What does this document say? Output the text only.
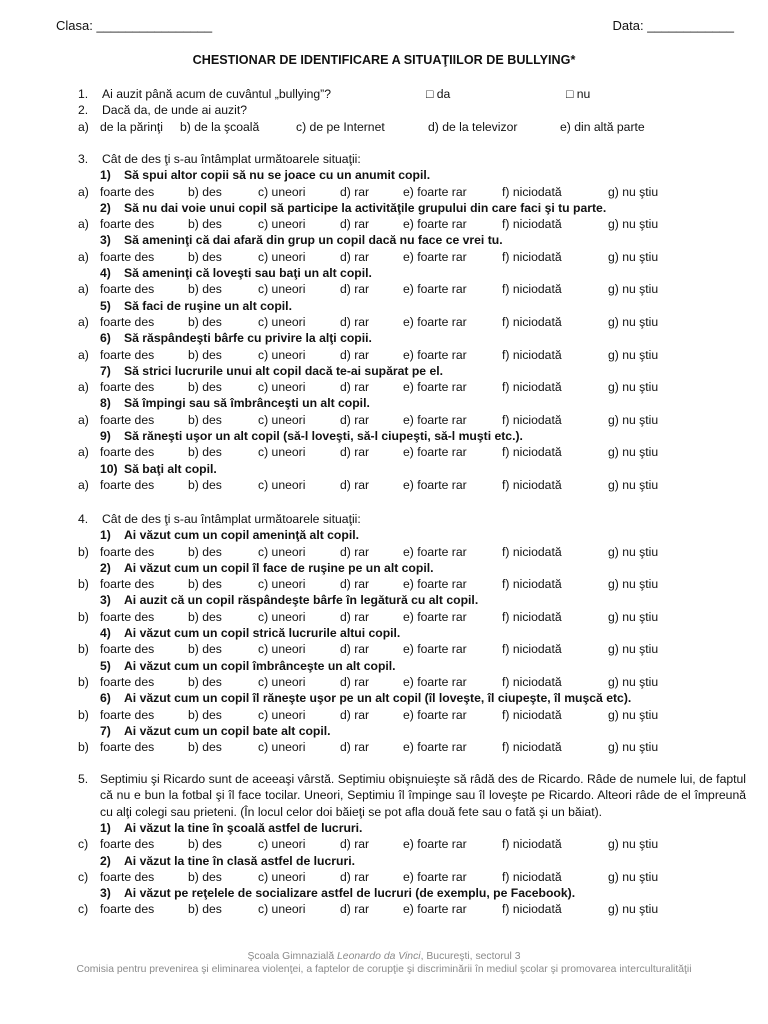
Clasa: ________________	Data: ____________
CHESTIONAR DE IDENTIFICARE A SITUAŢIILOR DE BULLYING*
1. Ai auzit până acum de cuvântul „bullying”?	□ da	□ nu
2. Dacă da, de unde ai auzit?
a) de la părinţi b) de la şcoală	c) de pe Internet	d) de la televizor	e) din altă parte
3. Cât de des ţi s-au întâmplat următoarele situaţii:
1) Să spui altor copii să nu se joace cu un anumit copil.
a) foarte des	b) des	c) uneori	d) rar	e) foarte rar	f) niciodată	g) nu ştiu
2) Să nu dai voie unui copil să participe la activităţile grupului din care faci şi tu parte.
a) foarte des	b) des	c) uneori	d) rar	e) foarte rar	f) niciodată	g) nu ştiu
3) Să ameninţi că dai afară din grup un copil dacă nu face ce vrei tu.
a) foarte des	b) des	c) uneori	d) rar	e) foarte rar	f) niciodată	g) nu ştiu
4) Să ameninţi că loveşti sau baţi un alt copil.
a) foarte des	b) des	c) uneori	d) rar	e) foarte rar	f) niciodată	g) nu ştiu
5) Să faci de ruşine un alt copil.
a) foarte des	b) des	c) uneori	d) rar	e) foarte rar	f) niciodată	g) nu ştiu
6) Să răspândeşti bârfe cu privire la alţi copii.
a) foarte des	b) des	c) uneori	d) rar	e) foarte rar	f) niciodată	g) nu ştiu
7) Să strici lucrurile unui alt copil dacă te-ai supărat pe el.
a) foarte des	b) des	c) uneori	d) rar	e) foarte rar	f) niciodată	g) nu ştiu
8) Să împingi sau să îmbrânceşti un alt copil.
a) foarte des	b) des	c) uneori	d) rar	e) foarte rar	f) niciodată	g) nu ştiu
9) Să răneşti uşor un alt copil (să-l loveşti, să-l ciupeşti, să-l muşti etc.).
a) foarte des	b) des	c) uneori	d) rar	e) foarte rar	f) niciodată	g) nu ştiu
10) Să baţi alt copil.
a) foarte des	b) des	c) uneori	d) rar	e) foarte rar	f) niciodată	g) nu ştiu
4. Cât de des ţi s-au întâmplat următoarele situaţii:
1) Ai văzut cum un copil ameninţă alt copil.
b) foarte des	b) des	c) uneori	d) rar	e) foarte rar	f) niciodată	g) nu ştiu
2) Ai văzut cum un copil îl face de ruşine pe un alt copil.
b) foarte des	b) des	c) uneori	d) rar	e) foarte rar	f) niciodată	g) nu ştiu
3) Ai auzit că un copil răspândeşte bârfe în legătură cu alt copil.
b) foarte des	b) des	c) uneori	d) rar	e) foarte rar	f) niciodată	g) nu ştiu
4) Ai văzut cum un copil strică lucrurile altui copil.
b) foarte des	b) des	c) uneori	d) rar	e) foarte rar	f) niciodată	g) nu ştiu
5) Ai văzut cum un copil îmbrânceşte un alt copil.
b) foarte des	b) des	c) uneori	d) rar	e) foarte rar	f) niciodată	g) nu ştiu
6) Ai văzut cum un copil îl răneşte uşor pe un alt copil (îl loveşte, îl ciupeşte, îl muşcă etc).
b) foarte des	b) des	c) uneori	d) rar	e) foarte rar	f) niciodată	g) nu ştiu
7) Ai văzut cum un copil bate alt copil.
b) foarte des	b) des	c) uneori	d) rar	e) foarte rar	f) niciodată	g) nu ştiu
5. Septimiu şi Ricardo sunt de aceeaşi vârstă. Septimiu obişnuieşte să râdă des de Ricardo. Râde de numele lui, de faptul că nu e bun la fotbal şi îl face tocilar. Uneori, Septimiu îl împinge sau îl loveşte pe Ricardo. Alteori râde de el împreună cu alţi colegi sau prieteni. (În locul celor doi băieţi se pot afla două fete sau o fată şi un băiat).
1) Ai văzut la tine în şcoală astfel de lucruri.
c) foarte des	b) des	c) uneori	d) rar	e) foarte rar	f) niciodată	g) nu ştiu
2) Ai văzut la tine în clasă astfel de lucruri.
c) foarte des	b) des	c) uneori	d) rar	e) foarte rar	f) niciodată	g) nu ştiu
3) Ai văzut pe reţelele de socializare astfel de lucruri (de exemplu, pe Facebook).
c) foarte des	b) des	c) uneori	d) rar	e) foarte rar	f) niciodată	g) nu ştiu
Şcoala Gimnazială Leonardo da Vinci, Bucureşti, sectorul 3
Comisia pentru prevenirea şi eliminarea violenţei, a faptelor de corupţie şi discriminării în mediul şcolar şi promovarea interculturalităţii
